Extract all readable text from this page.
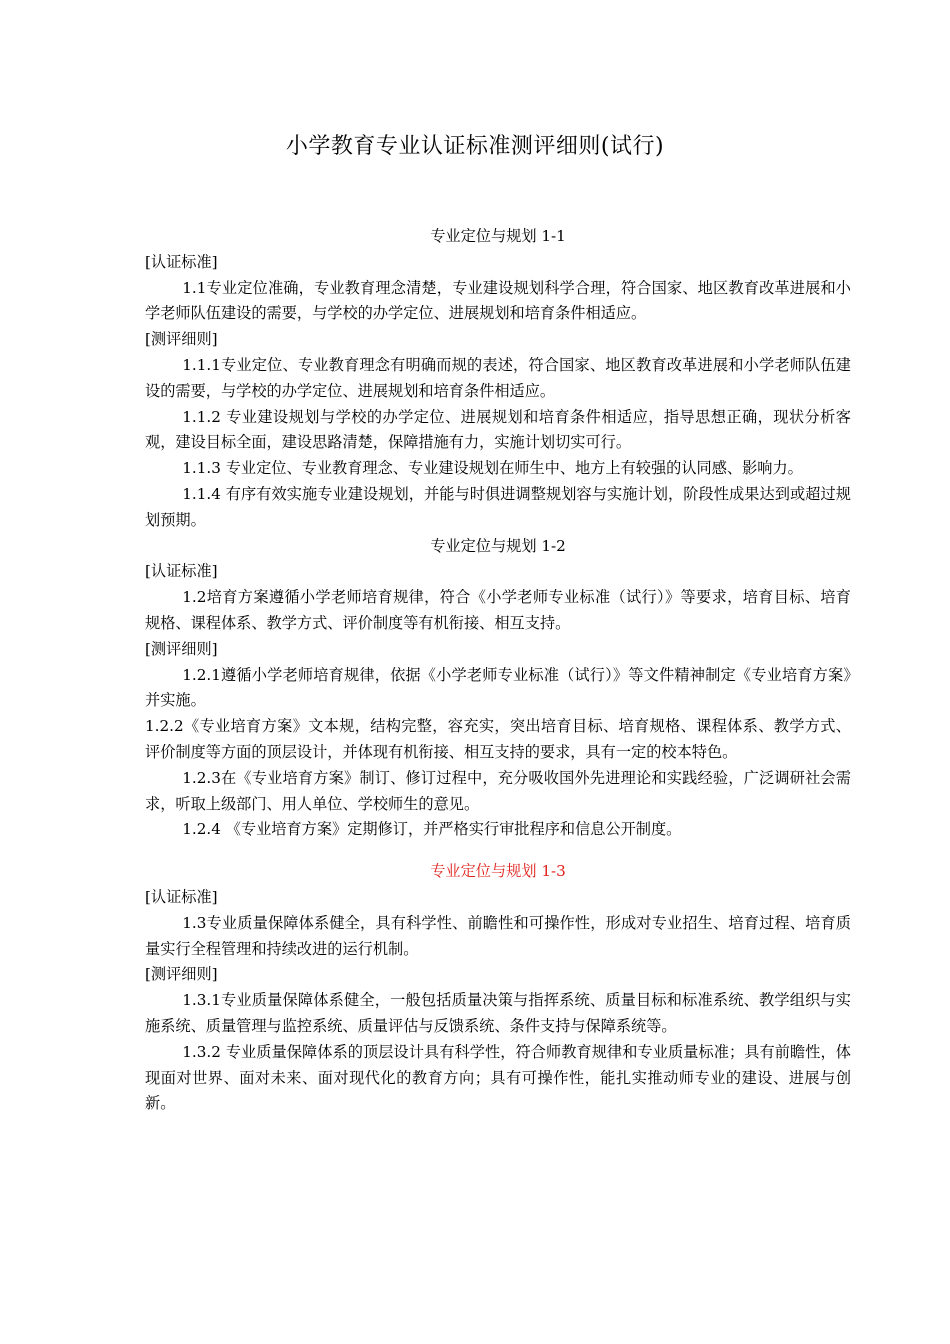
小学教育专业认证标准测评细则(试行)

专业定位与规划 1-1

[认证标准]

1.1专业定位准确，专业教育理念清楚，专业建设规划科学合理，符合国家、地区教育改革进展和小学老师队伍建设的需要，与学校的办学定位、进展规划和培育条件相适应。

[测评细则]

1.1.1专业定位、专业教育理念有明确而规的表述，符合国家、地区教育改革进展和小学老师队伍建设的需要，与学校的办学定位、进展规划和培育条件相适应。

1.1.2 专业建设规划与学校的办学定位、进展规划和培育条件相适应，指导思想正确，现状分析客观，建设目标全面，建设思路清楚，保障措施有力，实施计划切实可行。

1.1.3 专业定位、专业教育理念、专业建设规划在师生中、地方上有较强的认同感、影响力。

1.1.4 有序有效实施专业建设规划，并能与时俱进调整规划容与实施计划，阶段性成果达到或超过规划预期。

专业定位与规划 1-2

[认证标准]

1.2培育方案遵循小学老师培育规律，符合《小学老师专业标准（试行）》等要求，培育目标、培育规格、课程体系、教学方式、评价制度等有机衔接、相互支持。

[测评细则]

1.2.1遵循小学老师培育规律，依据《小学老师专业标准（试行）》等文件精神制定《专业培育方案》并实施。

1.2.2《专业培育方案》文本规，结构完整，容充实，突出培育目标、培育规格、课程体系、教学方式、评价制度等方面的顶层设计，并体现有机衔接、相互支持的要求，具有一定的校本特色。

1.2.3在《专业培育方案》制订、修订过程中，充分吸收国外先进理论和实践经验，广泛调研社会需求，听取上级部门、用人单位、学校师生的意见。

1.2.4 《专业培育方案》定期修订，并严格实行审批程序和信息公开制度。

专业定位与规划 1-3

[认证标准]

1.3专业质量保障体系健全，具有科学性、前瞻性和可操作性，形成对专业招生、培育过程、培育质量实行全程管理和持续改进的运行机制。

[测评细则]

1.3.1专业质量保障体系健全，一般包括质量决策与指挥系统、质量目标和标准系统、教学组织与实施系统、质量管理与监控系统、质量评估与反馈系统、条件支持与保障系统等。

1.3.2 专业质量保障体系的顶层设计具有科学性，符合师教育规律和专业质量标准；具有前瞻性，体现面对世界、面对未来、面对现代化的教育方向；具有可操作性，能扎实推动师专业的建设、进展与创新。
